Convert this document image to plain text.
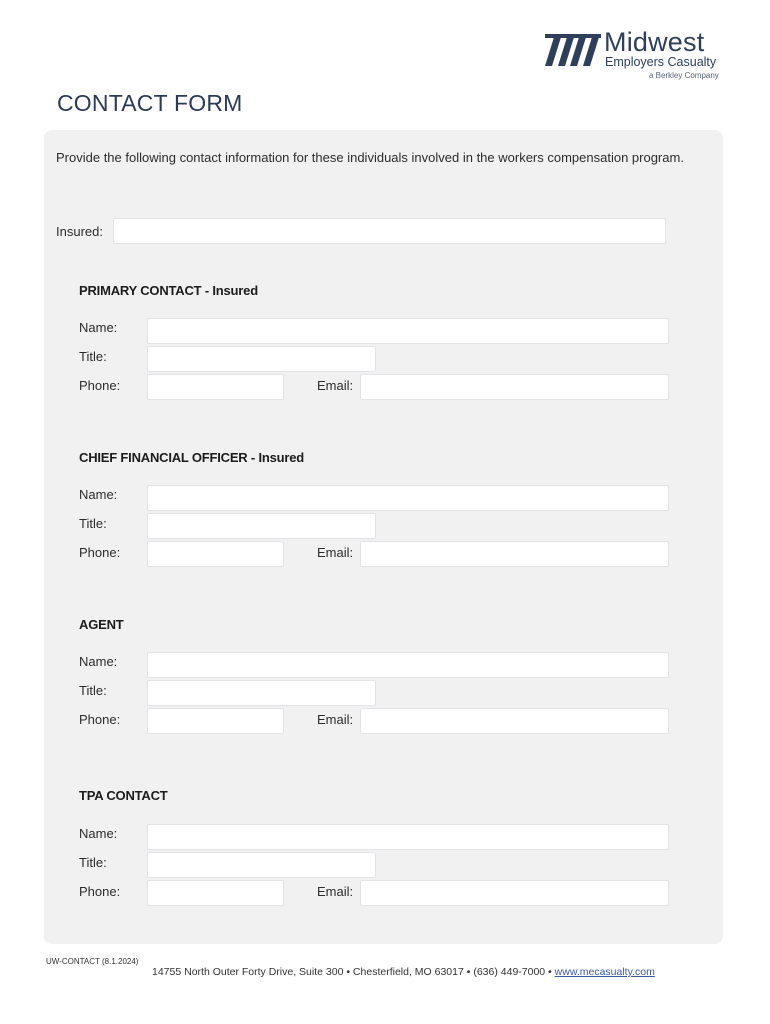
Midwest
Employers Casualty
a Berkley Company
CONTACT FORM
Provide the following contact information for these individuals involved in the workers compensation program.
Insured:
PRIMARY CONTACT - Insured
Name:
Title:
Phone:	Email:
CHIEF FINANCIAL OFFICER - Insured
Name:
Title:
Phone:	Email:
AGENT
Name:
Title:
Phone:	Email:
TPA CONTACT
Name:
Title:
Phone:	Email:
UW-CONTACT (8.1.2024)
14755 North Outer Forty Drive, Suite 300 • Chesterfield, MO 63017 • (636) 449-7000 • www.mecasualty.com
